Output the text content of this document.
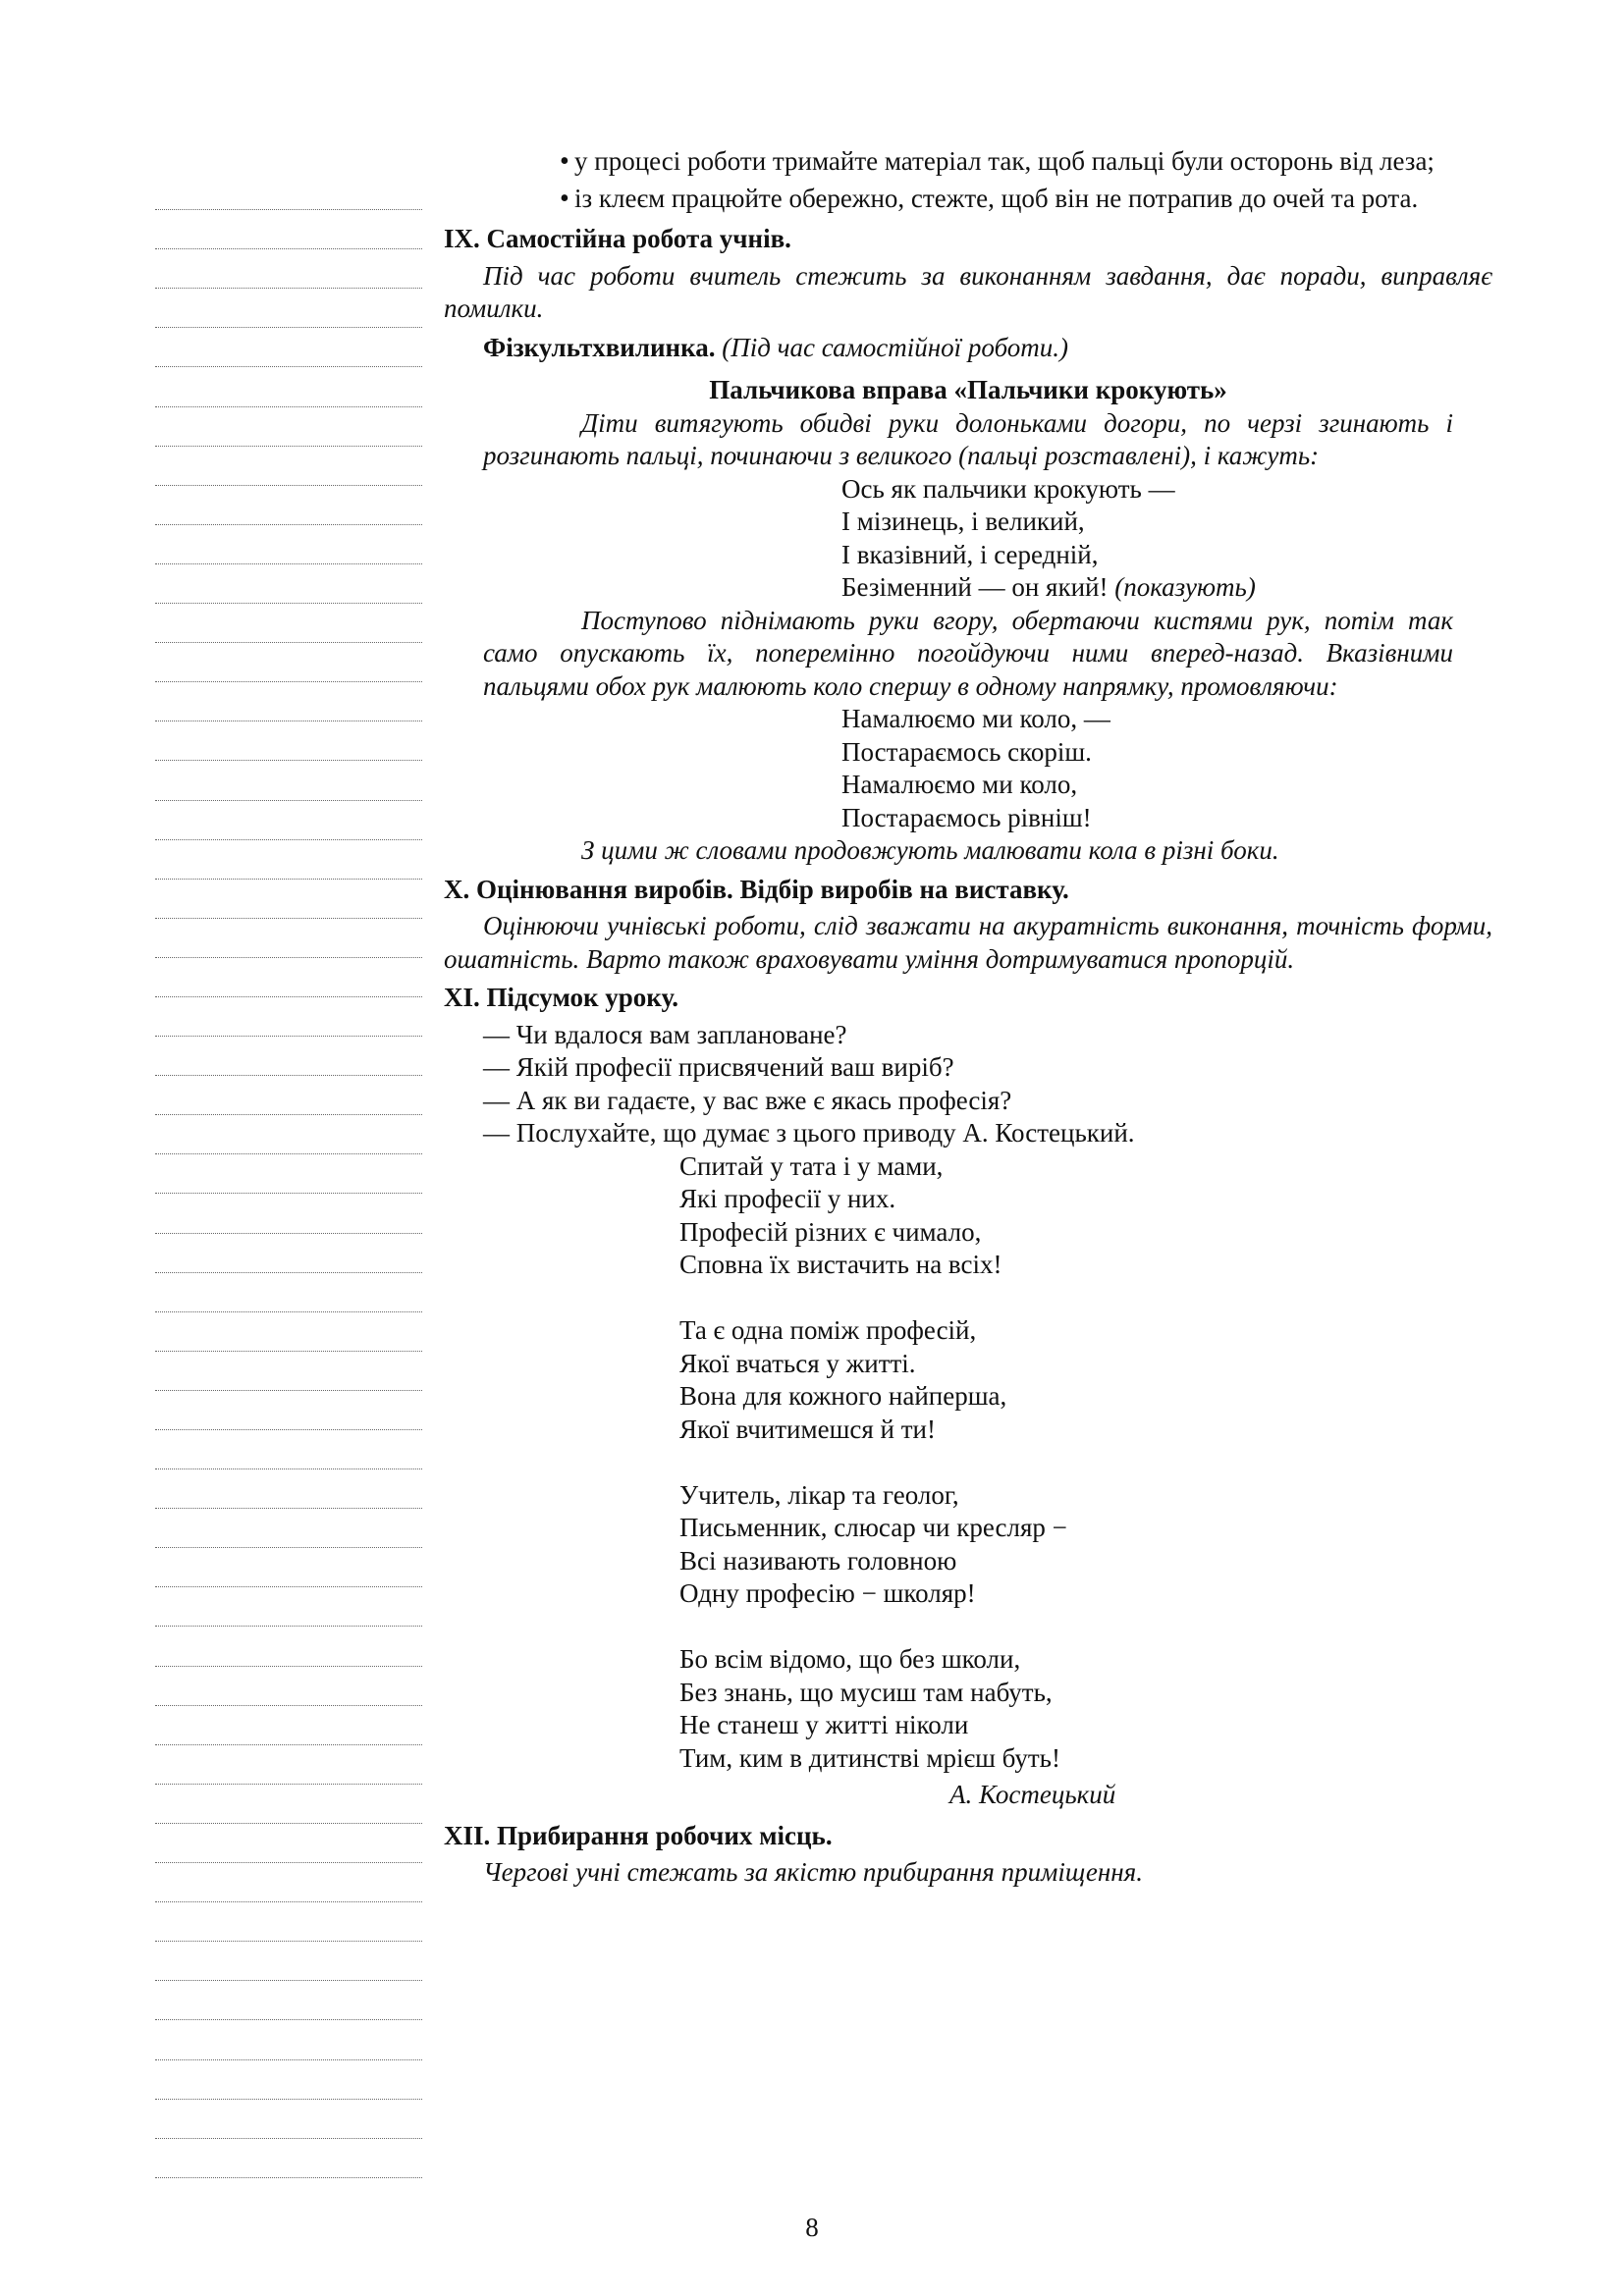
• у процесі роботи тримайте матеріал так, щоб пальці були осторонь від леза;
• із клеєм працюйте обережно, стежте, щоб він не потрапив до очей та рота.
IX. Самостійна робота учнів.

Під час роботи вчитель стежить за виконанням завдання, дає поради, виправляє помилки.

Фізкультхвилинка. (Під час самостійної роботи.)

Пальчикова вправа «Пальчики крокують»

Діти витягують обидві руки долоньками догори, по черзі згинають і розгинають пальці, починаючи з великого (пальці розставлені), і кажуть:

Ось як пальчики крокують —

І мізинець, і великий,

І вказівний, і середній,

Безіменний — он який! (показують)

Поступово піднімають руки вгору, обертаючи кистями рук, потім так само опускають їх, поперемінно погойдуючи ними вперед-назад. Вказівними пальцями обох рук малюють коло спершу в одному напрямку, промовляючи:

Намалюємо ми коло, —

Постараємось скоріш.

Намалюємо ми коло,

Постараємось рівніш!

З цими ж словами продовжують малювати кола в різні боки.

X. Оцінювання виробів. Відбір виробів на виставку.

Оцінюючи учнівські роботи, слід зважати на акуратність виконання, точність форми, ошатність. Варто також враховувати уміння дотримуватися пропорцій.

XI. Підсумок уроку.

— Чи вдалося вам заплановане?

— Якій професії присвячений ваш виріб?

— А як ви гадаєте, у вас вже є якась професія?

— Послухайте, що думає з цього приводу А. Костецький.

Спитай у тата і у мами,

Які професії у них.

Професій різних є чимало,

Сповна їх вистачить на всіх!

Та є одна поміж професій,

Якої вчаться у житті.

Вона для кожного найперша,

Якої вчитимешся й ти!

Учитель, лікар та геолог,

Письменник, слюсар чи кресляр −

Всі називають головною

Одну професію − школяр!

Бо всім відомо, що без школи,

Без знань, що мусиш там набуть,

Не станеш у житті ніколи

Тим, ким в дитинстві мрієш буть!

А. Костецький

XII. Прибирання робочих місць.

Чергові учні стежать за якістю прибирання приміщення.

8
